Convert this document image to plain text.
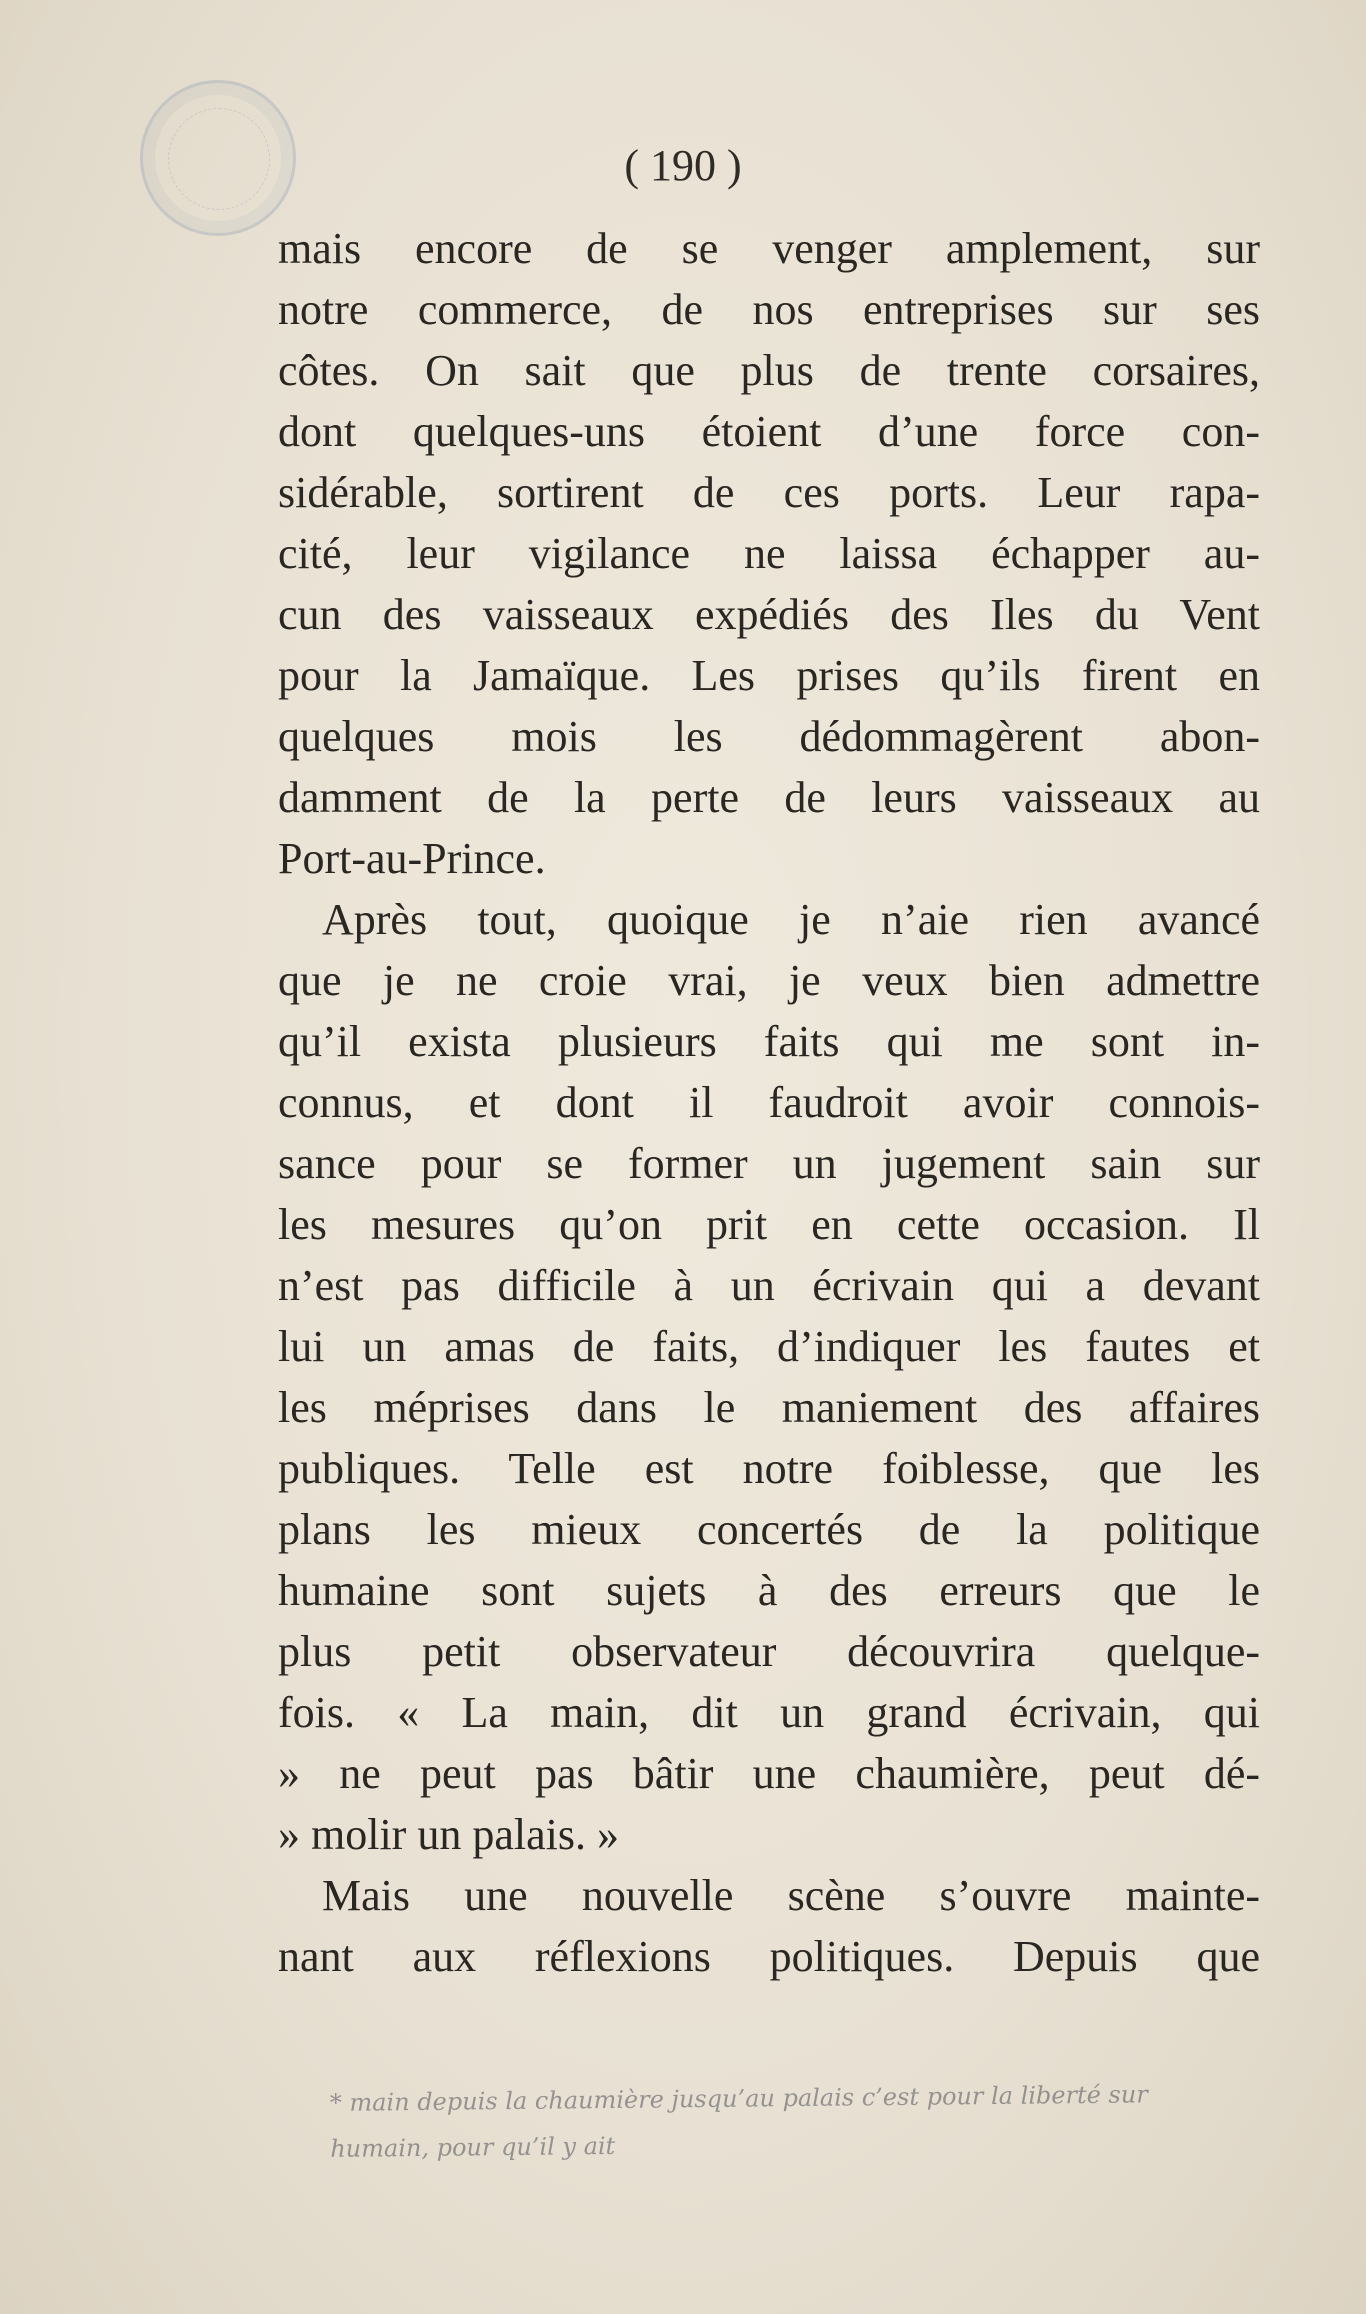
( 190 )
mais encore de se venger amplement, sur
notre commerce, de nos entreprises sur ses
côtes. On sait que plus de trente corsaires,
dont quelques-uns étoient d’une force con-
sidérable, sortirent de ces ports. Leur rapa-
cité, leur vigilance ne laissa échapper au-
cun des vaisseaux expédiés des Iles du Vent
pour la Jamaïque. Les prises qu’ils firent en
quelques mois les dédommagèrent abon-
damment de la perte de leurs vaisseaux au
Port-au-Prince.
Après tout, quoique je n’aie rien avancé
que je ne croie vrai, je veux bien admettre
qu’il exista plusieurs faits qui me sont in-
connus, et dont il faudroit avoir connois-
sance pour se former un jugement sain sur
les mesures qu’on prit en cette occasion. Il
n’est pas difficile à un écrivain qui a devant
lui un amas de faits, d’indiquer les fautes et
les méprises dans le maniement des affaires
publiques. Telle est notre foiblesse, que les
plans les mieux concertés de la politique
humaine sont sujets à des erreurs que le
plus petit observateur découvrira quelque-
fois. « La main, dit un grand écrivain, qui
» ne peut pas bâtir une chaumière, peut dé-
» molir un palais. »
Mais une nouvelle scène s’ouvre mainte-
nant aux réflexions politiques. Depuis que
* main depuis la chaumière jusqu’au palais c’est pour la liberté sur
humain, pour qu’il y ait
